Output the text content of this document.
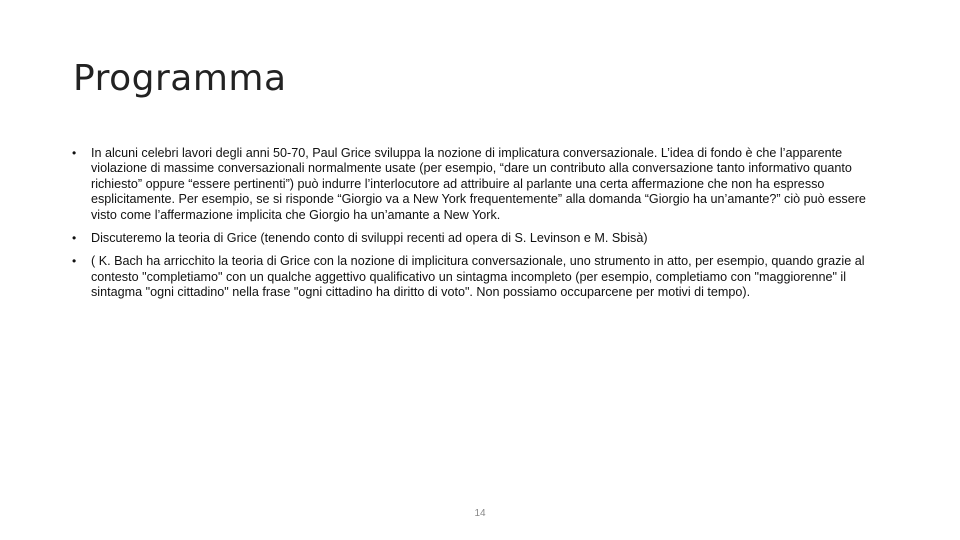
Programma
• In alcuni celebri lavori degli anni 50-70, Paul Grice sviluppa la nozione di implicatura conversazionale. L’idea di fondo è che l’apparente violazione di massime conversazionali normalmente usate (per esempio, “dare un contributo alla conversazione tanto informativo quanto richiesto” oppure “essere pertinenti”) può indurre l’interlocutore ad attribuire al parlante una certa affermazione che non ha espresso esplicitamente. Per esempio, se si risponde “Giorgio va a New York frequentemente” alla domanda “Giorgio ha un’amante?” ciò può essere visto come l’affermazione implicita che Giorgio ha un’amante a New York.
• Discuteremo la teoria di Grice (tenendo conto di sviluppi recenti ad opera di S. Levinson e M. Sbisà)
• ( K. Bach ha arricchito la teoria di Grice con la nozione di implicitura conversazionale, uno strumento in atto, per esempio, quando grazie al contesto "completiamo" con un qualche aggettivo qualificativo un sintagma incompleto (per esempio, completiamo con "maggiorenne" il sintagma "ogni cittadino" nella frase "ogni cittadino ha diritto di voto". Non possiamo occuparcene per motivi di tempo).
14
